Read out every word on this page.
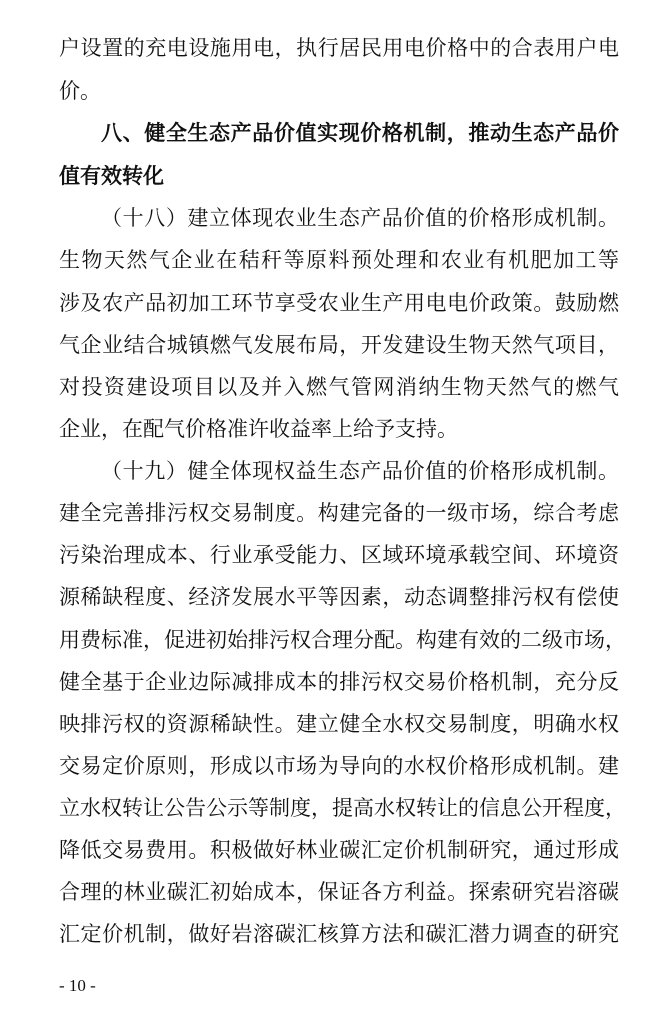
户设置的充电设施用电，执行居民用电价格中的合表用户电
价。
八、健全生态产品价值实现价格机制，推动生态产品价
值有效转化
（十八）建立体现农业生态产品价值的价格形成机制。
生物天然气企业在秸秆等原料预处理和农业有机肥加工等
涉及农产品初加工环节享受农业生产用电电价政策。鼓励燃
气企业结合城镇燃气发展布局，开发建设生物天然气项目，
对投资建设项目以及并入燃气管网消纳生物天然气的燃气
企业，在配气价格准许收益率上给予支持。
（十九）健全体现权益生态产品价值的价格形成机制。
建全完善排污权交易制度。构建完备的一级市场，综合考虑
污染治理成本、行业承受能力、区域环境承载空间、环境资
源稀缺程度、经济发展水平等因素，动态调整排污权有偿使
用费标准，促进初始排污权合理分配。构建有效的二级市场，
健全基于企业边际减排成本的排污权交易价格机制，充分反
映排污权的资源稀缺性。建立健全水权交易制度，明确水权
交易定价原则，形成以市场为导向的水权价格形成机制。建
立水权转让公告公示等制度，提高水权转让的信息公开程度，
降低交易费用。积极做好林业碳汇定价机制研究，通过形成
合理的林业碳汇初始成本，保证各方利益。探索研究岩溶碳
汇定价机制，做好岩溶碳汇核算方法和碳汇潜力调查的研究
- 10 -
